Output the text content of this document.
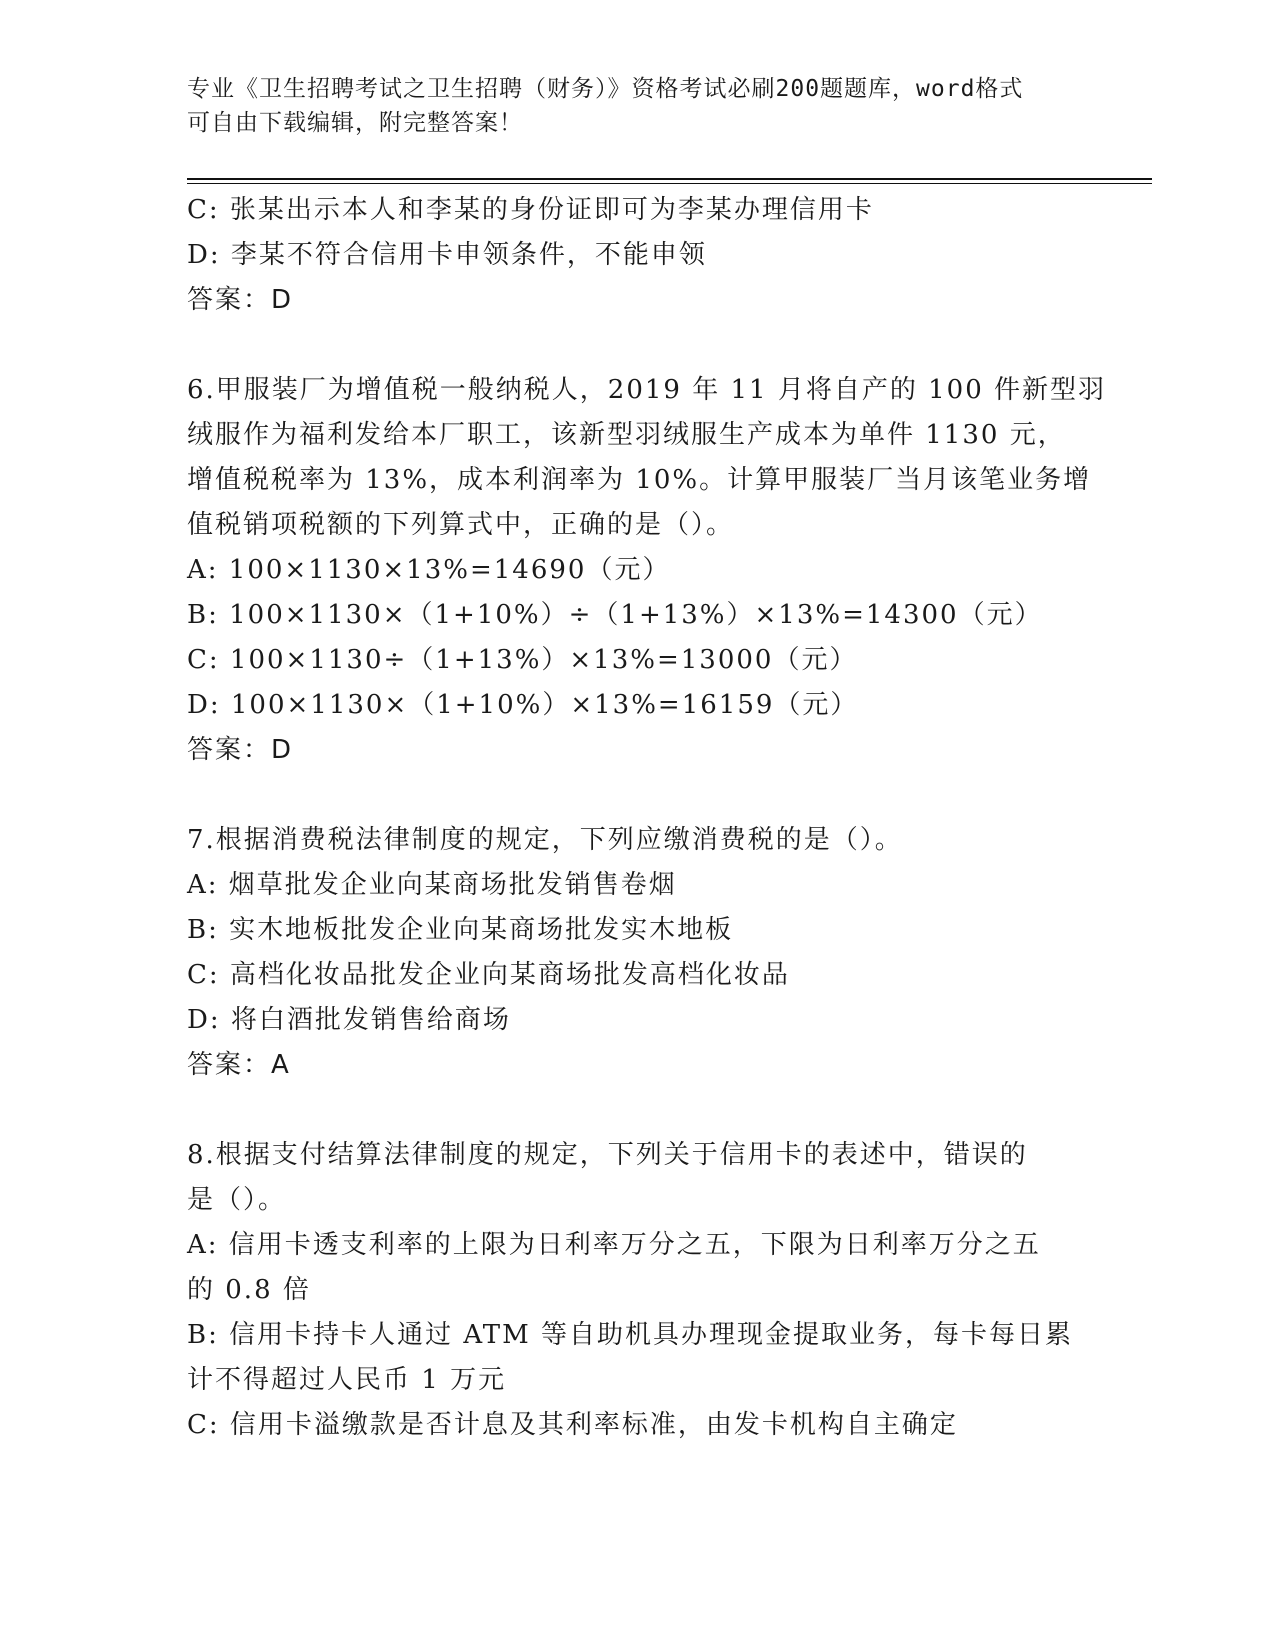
专业《卫生招聘考试之卫生招聘（财务）》资格考试必刷200题题库，word格式
可自由下载编辑，附完整答案！
C: 张某出示本人和李某的身份证即可为李某办理信用卡
D: 李某不符合信用卡申领条件，不能申领
答案：D
6.甲服装厂为增值税一般纳税人，2019 年 11 月将自产的 100 件新型羽
绒服作为福利发给本厂职工，该新型羽绒服生产成本为单件 1130 元，
增值税税率为 13%，成本利润率为 10%。计算甲服装厂当月该笔业务增
值税销项税额的下列算式中，正确的是（）。
A: 100×1130×13%=14690（元）
B: 100×1130×（1+10%）÷（1+13%）×13%=14300（元）
C: 100×1130÷（1+13%）×13%=13000（元）
D: 100×1130×（1+10%）×13%=16159（元）
答案：D
7.根据消费税法律制度的规定，下列应缴消费税的是（）。
A: 烟草批发企业向某商场批发销售卷烟
B: 实木地板批发企业向某商场批发实木地板
C: 高档化妆品批发企业向某商场批发高档化妆品
D: 将白酒批发销售给商场
答案：A
8.根据支付结算法律制度的规定，下列关于信用卡的表述中，错误的
是（）。
A: 信用卡透支利率的上限为日利率万分之五，下限为日利率万分之五
的 0.8 倍
B: 信用卡持卡人通过 ATM 等自助机具办理现金提取业务，每卡每日累
计不得超过人民币 1 万元
C: 信用卡溢缴款是否计息及其利率标准，由发卡机构自主确定
